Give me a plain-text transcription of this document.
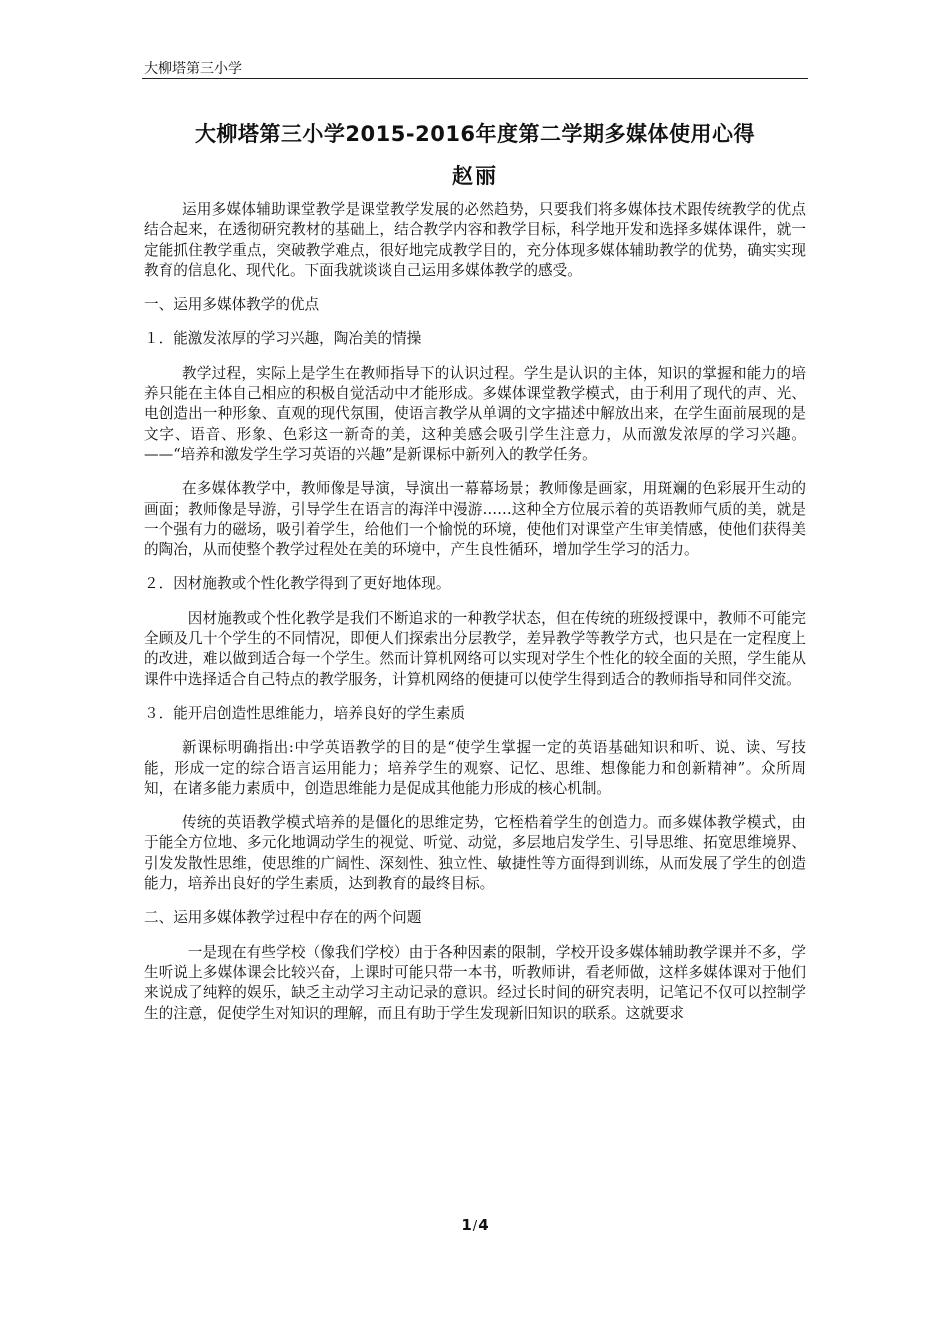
大柳塔第三小学
大柳塔第三小学2015-2016年度第二学期多媒体使用心得
赵丽

运用多媒体辅助课堂教学是课堂教学发展的必然趋势，只要我们将多媒体技术跟传统教学的优点结合起来，在透彻研究教材的基础上，结合教学内容和教学目标，科学地开发和选择多媒体课件，就一定能抓住教学重点，突破教学难点，很好地完成教学目的，充分体现多媒体辅助教学的优势，确实实现教育的信息化、现代化。下面我就谈谈自己运用多媒体教学的感受。

一、运用多媒体教学的优点

１．能激发浓厚的学习兴趣，陶冶美的情操

教学过程，实际上是学生在教师指导下的认识过程。学生是认识的主体，知识的掌握和能力的培养只能在主体自己相应的积极自觉活动中才能形成。多媒体课堂教学模式，由于利用了现代的声、光、电创造出一种形象、直观的现代氛围，使语言教学从单调的文字描述中解放出来，在学生面前展现的是文字、语音、形象、色彩这一新奇的美，这种美感会吸引学生注意力，从而激发浓厚的学习兴趣。——“培养和激发学生学习英语的兴趣”是新课标中新列入的教学任务。

在多媒体教学中，教师像是导演，导演出一幕幕场景；教师像是画家，用斑斓的色彩展开生动的画面；教师像是导游，引导学生在语言的海洋中漫游……这种全方位展示着的英语教师气质的美，就是一个强有力的磁场，吸引着学生，给他们一个愉悦的环境，使他们对课堂产生审美情感，使他们获得美的陶冶，从而使整个教学过程处在美的环境中，产生良性循环，增加学生学习的活力。

２．因材施教或个性化教学得到了更好地体现。

因材施教或个性化教学是我们不断追求的一种教学状态，但在传统的班级授课中，教师不可能完全顾及几十个学生的不同情况，即便人们探索出分层教学，差异教学等教学方式，也只是在一定程度上的改进，难以做到适合每一个学生。然而计算机网络可以实现对学生个性化的较全面的关照，学生能从课件中选择适合自己特点的教学服务，计算机网络的便捷可以使学生得到适合的教师指导和同伴交流。

３．能开启创造性思维能力，培养良好的学生素质

新课标明确指出:中学英语教学的目的是“使学生掌握一定的英语基础知识和听、说、读、写技能，形成一定的综合语言运用能力；培养学生的观察、记忆、思维、想像能力和创新精神”。众所周知，在诸多能力素质中，创造思维能力是促成其他能力形成的核心机制。

传统的英语教学模式培养的是僵化的思维定势，它桎梏着学生的创造力。而多媒体教学模式，由于能全方位地、多元化地调动学生的视觉、听觉、动觉，多层地启发学生、引导思维、拓宽思维境界、引发发散性思维，使思维的广阔性、深刻性、独立性、敏捷性等方面得到训练，从而发展了学生的创造能力，培养出良好的学生素质，达到教育的最终目标。

二、运用多媒体教学过程中存在的两个问题

一是现在有些学校（像我们学校）由于各种因素的限制，学校开设多媒体辅助教学课并不多，学生听说上多媒体课会比较兴奋，上课时可能只带一本书，听教师讲，看老师做，这样多媒体课对于他们来说成了纯粹的娱乐，缺乏主动学习主动记录的意识。经过长时间的研究表明，记笔记不仅可以控制学生的注意，促使学生对知识的理解，而且有助于学生发现新旧知识的联系。这就要求

1/4
